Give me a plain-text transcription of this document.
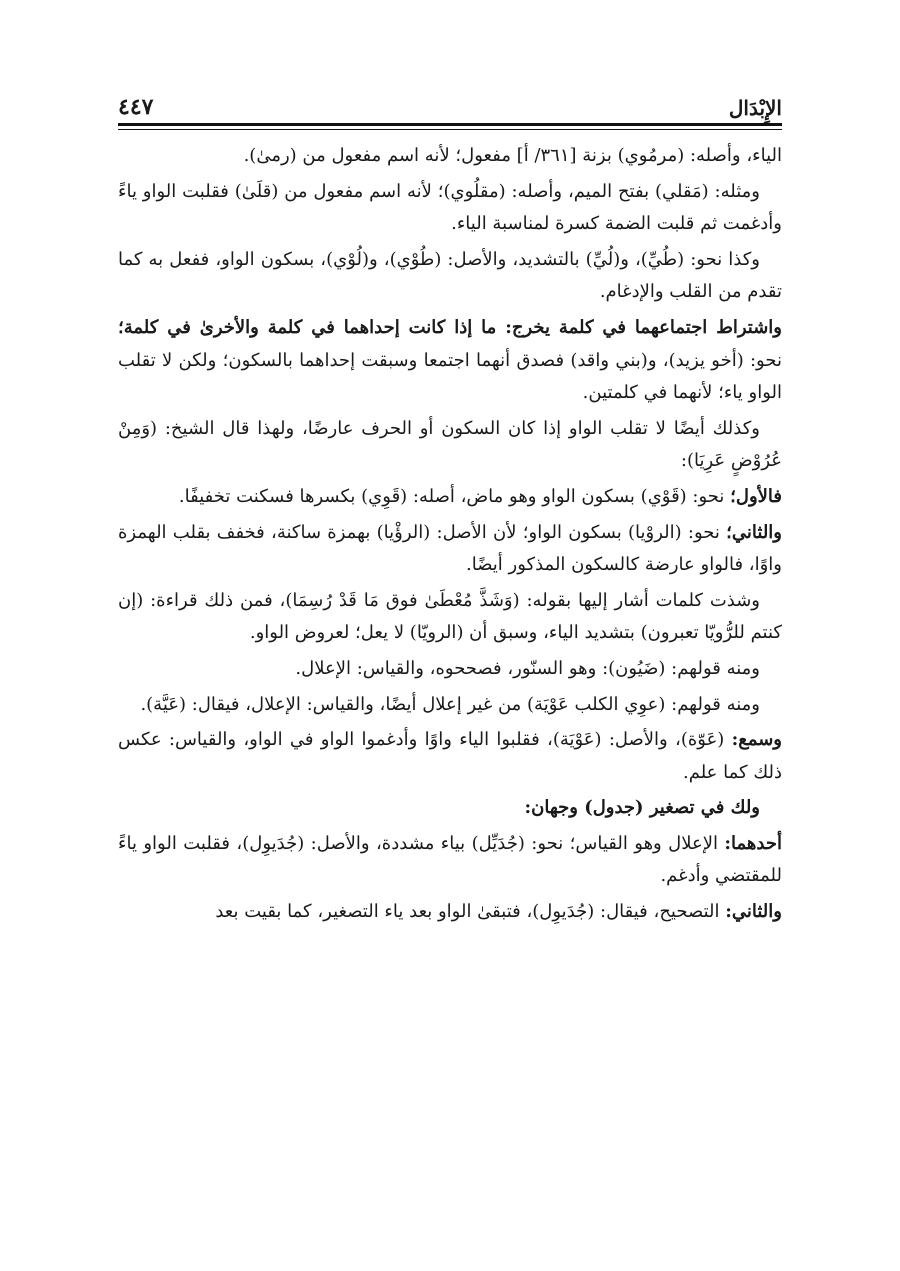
الإِبْدَال
٤٤٧

الياء، وأصله: (مرمُوي) بزنة [٣٦١/ أ] مفعول؛ لأنه اسم مفعول من (رمىٰ).

ومثله: (مَقلي) بفتح الميم، وأصله: (مقلُوي)؛ لأنه اسم مفعول من (قلَىٰ) فقلبت الواو ياءً وأدغمت ثم قلبت الضمة كسرة لمناسبة الياء.

وكذا نحو: (طُيِّ)، و(لُيِّ) بالتشديد، والأصل: (طُوْي)، و(لُوْي)، بسكون الواو، ففعل به كما تقدم من القلب والإدغام.

واشتراط اجتماعهما في كلمة يخرج: ما إذا كانت إحداهما في كلمة والأخرىٰ في كلمة؛ نحو: (أخو يزيد)، و(بني واقد) فصدق أنهما اجتمعا وسبقت إحداهما بالسكون؛ ولكن لا تقلب الواو ياء؛ لأنهما في كلمتين.

وكذلك أيضًا لا تقلب الواو إذا كان السكون أو الحرف عارضًا، ولهذا قال الشيخ: (وَمِنْ عُرُوْضٍ عَرِيَا):

فالأول؛ نحو: (قَوْي) بسكون الواو وهو ماض، أصله: (قَوِي) بكسرها فسكنت تخفيفًا.

والثاني؛ نحو: (الروْيا) بسكون الواو؛ لأن الأصل: (الرؤْيا) بهمزة ساكنة، فخفف بقلب الهمزة واوًا، فالواو عارضة كالسكون المذكور أيضًا.

وشذت كلمات أشار إليها بقوله: (وَشَذَّ مُعْطَىٰ فوق مَا قَدْ رُسِمَا)، فمن ذلك قراءة: (إن كنتم للرُّويّا تعبرون) بتشديد الياء، وسبق أن (الرويّا) لا يعل؛ لعروض الواو.

ومنه قولهم: (ضَيُون): وهو السنّور، فصححوه، والقياس: الإعلال.

ومنه قولهم: (عوِي الكلب عَوْيَة) من غير إعلال أيضًا، والقياس: الإعلال، فيقال: (عَيَّة).

وسمع: (عَوّة)، والأصل: (عَوْيَة)، فقلبوا الياء واوًا وأدغموا الواو في الواو، والقياس: عكس ذلك كما علم.

ولك في تصغير (جدول) وجهان:

أحدهما: الإعلال وهو القياس؛ نحو: (جُدَيِّل) بياء مشددة، والأصل: (جُدَيوِل)، فقلبت الواو ياءً للمقتضي وأدغم.

والثاني: التصحيح، فيقال: (جُدَيوِل)، فتبقىٰ الواو بعد ياء التصغير، كما بقيت بعد
